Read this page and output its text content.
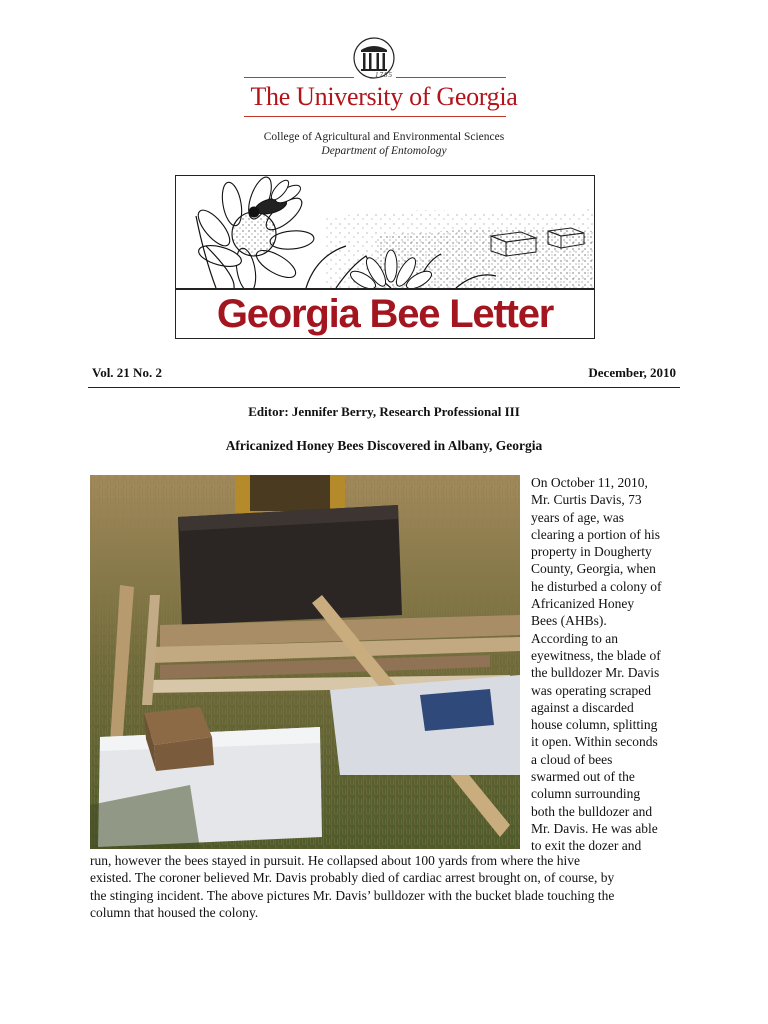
1785
The University of Georgia
College of Agricultural and Environmental Sciences
Department of Entomology
Georgia Bee Letter
Vol. 21 No. 2	December, 2010
Editor: Jennifer Berry, Research Professional III
Africanized Honey Bees Discovered in Albany, Georgia
On October 11, 2010,
Mr. Curtis Davis, 73
years of age, was
clearing a portion of his
property in Dougherty
County, Georgia, when
he disturbed a colony of
Africanized Honey
Bees (AHBs).
According to an
eyewitness, the blade of
the bulldozer Mr. Davis
was operating scraped
against a discarded
house column, splitting
it open. Within seconds
a cloud of bees
swarmed out of the
column surrounding
both the bulldozer and
Mr. Davis. He was able
to exit the dozer and
run, however the bees stayed in pursuit. He collapsed about 100 yards from where the hive
existed. The coroner believed Mr. Davis probably died of cardiac arrest brought on, of course, by
the stinging incident. The above pictures Mr. Davis’ bulldozer with the bucket blade touching the
column that housed the colony.
